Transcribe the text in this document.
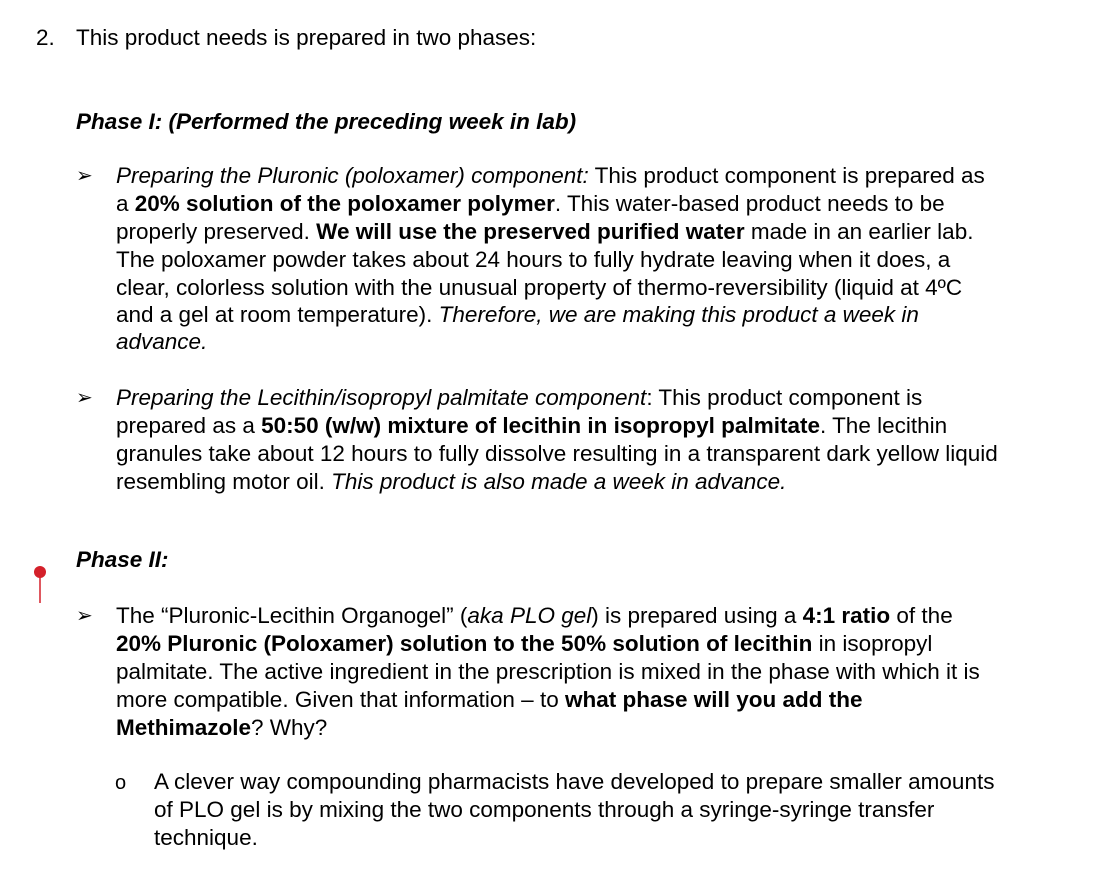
2. This product needs is prepared in two phases:
Phase I: (Performed the preceding week in lab)
➢ Preparing the Pluronic (poloxamer) component: This product component is prepared as
a 20% solution of the poloxamer polymer. This water-based product needs to be
properly preserved. We will use the preserved purified water made in an earlier lab.
The poloxamer powder takes about 24 hours to fully hydrate leaving when it does, a
clear, colorless solution with the unusual property of thermo-reversibility (liquid at 4ºC
and a gel at room temperature). Therefore, we are making this product a week in
advance.
➢ Preparing the Lecithin/isopropyl palmitate component: This product component is
prepared as a 50:50 (w/w) mixture of lecithin in isopropyl palmitate. The lecithin
granules take about 12 hours to fully dissolve resulting in a transparent dark yellow liquid
resembling motor oil. This product is also made a week in advance.
Phase II:
➢ The “Pluronic-Lecithin Organogel” (aka PLO gel) is prepared using a 4:1 ratio of the
20% Pluronic (Poloxamer) solution to the 50% solution of lecithin in isopropyl
palmitate. The active ingredient in the prescription is mixed in the phase with which it is
more compatible. Given that information – to what phase will you add the
Methimazole? Why?
o A clever way compounding pharmacists have developed to prepare smaller amounts
of PLO gel is by mixing the two components through a syringe-syringe transfer
technique.
